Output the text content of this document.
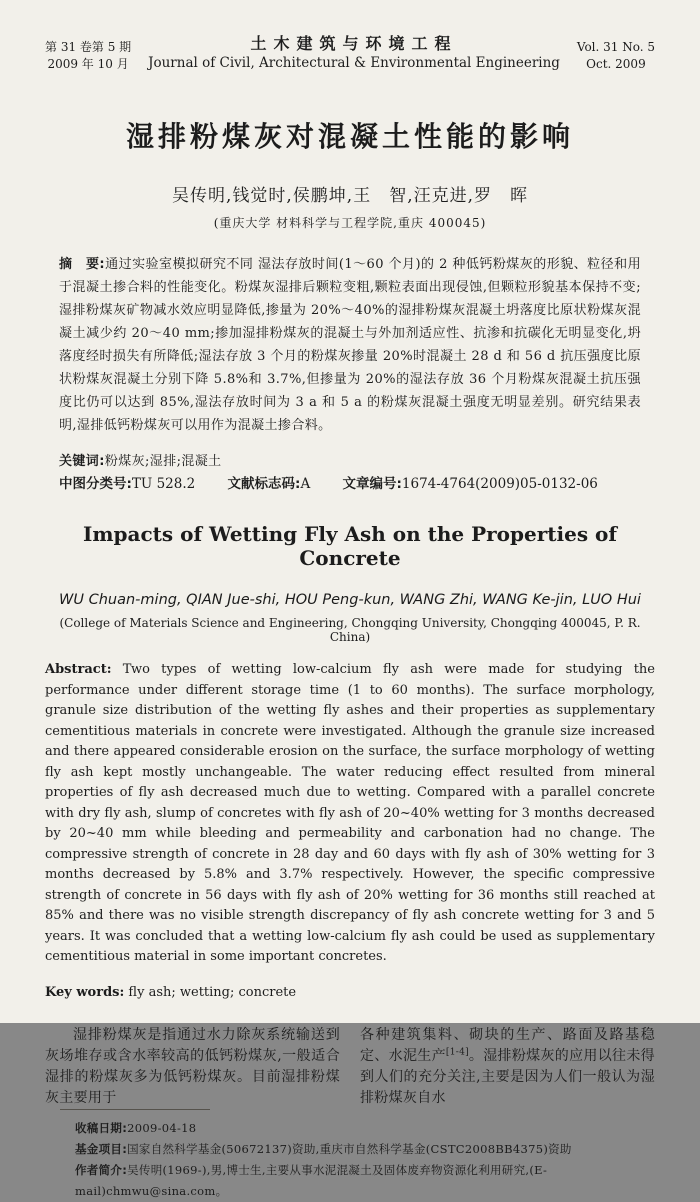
第 31 卷第 5 期
2009 年 10 月
土木建筑与环境工程
Journal of Civil, Architectural & Environmental Engineering
Vol. 31 No. 5
Oct. 2009
湿排粉煤灰对混凝土性能的影响
吴传明,钱觉时,侯鹏坤,王　智,汪克进,罗　晖
(重庆大学 材料科学与工程学院,重庆 400045)

摘　要:通过实验室模拟研究不同 湿法存放时间(1～60 个月)的 2 种低钙粉煤灰的形貌、粒径和用于混凝土掺合料的性能变化。粉煤灰湿排后颗粒变粗,颗粒表面出现侵蚀,但颗粒形貌基本保持不变;湿排粉煤灰矿物减水效应明显降低,掺量为 20%～40%的湿排粉煤灰混凝土坍落度比原状粉煤灰混凝土减少约 20～40 mm;掺加湿排粉煤灰的混凝土与外加剂适应性、抗渗和抗碳化无明显变化,坍落度经时损失有所降低;湿法存放 3 个月的粉煤灰掺量 20%时混凝土 28 d 和 56 d 抗压强度比原状粉煤灰混凝土分别下降 5.8%和 3.7%,但掺量为 20%的湿法存放 36 个月粉煤灰混凝土抗压强度比仍可以达到 85%,湿法存放时间为 3 a 和 5 a 的粉煤灰混凝土强度无明显差别。研究结果表明,湿排低钙粉煤灰可以用作为混凝土掺合料。

关键词:粉煤灰;湿排;混凝土
中图分类号:TU 528.2 文献标志码:A 文章编号:1674-4764(2009)05-0132-06
Impacts of Wetting Fly Ash on the Properties of Concrete
WU Chuan-ming, QIAN Jue-shi, HOU Peng-kun, WANG Zhi, WANG Ke-jin, LUO Hui
(College of Materials Science and Engineering, Chongqing University, Chongqing 400045, P. R. China)

Abstract: Two types of wetting low-calcium fly ash were made for studying the performance under different storage time (1 to 60 months). The surface morphology, granule size distribution of the wetting fly ashes and their properties as supplementary cementitious materials in concrete were investigated. Although the granule size increased and there appeared considerable erosion on the surface, the surface morphology of wetting fly ash kept mostly unchangeable. The water reducing effect resulted from mineral properties of fly ash decreased much due to wetting. Compared with a parallel concrete with dry fly ash, slump of concretes with fly ash of 20~40% wetting for 3 months decreased by 20~40 mm while bleeding and permeability and carbonation had no change. The compressive strength of concrete in 28 day and 60 days with fly ash of 30% wetting for 3 months decreased by 5.8% and 3.7% respectively. However, the specific compressive strength of concrete in 56 days with fly ash of 20% wetting for 36 months still reached at 85% and there was no visible strength discrepancy of fly ash concrete wetting for 3 and 5 years. It was concluded that a wetting low-calcium fly ash could be used as supplementary cementitious material in some important concretes.

Key words: fly ash; wetting; concrete

湿排粉煤灰是指通过水力除灰系统输送到灰场堆存或含水率较高的低钙粉煤灰,一般适合湿排的粉煤灰多为低钙粉煤灰。目前湿排粉煤灰主要用于

各种建筑集料、砌块的生产、路面及路基稳定、水泥生产[1-4]。湿排粉煤灰的应用以往未得到人们的充分关注,主要是因为人们一般认为湿排粉煤灰自水

收稿日期:2009-04-18
基金项目:国家自然科学基金(50672137)资助,重庆市自然科学基金(CSTC2008BB4375)资助
作者简介:吴传明(1969-),男,博士生,主要从事水泥混凝土及固体废弃物资源化利用研究,(E-mail)chmwu@sina.com。
